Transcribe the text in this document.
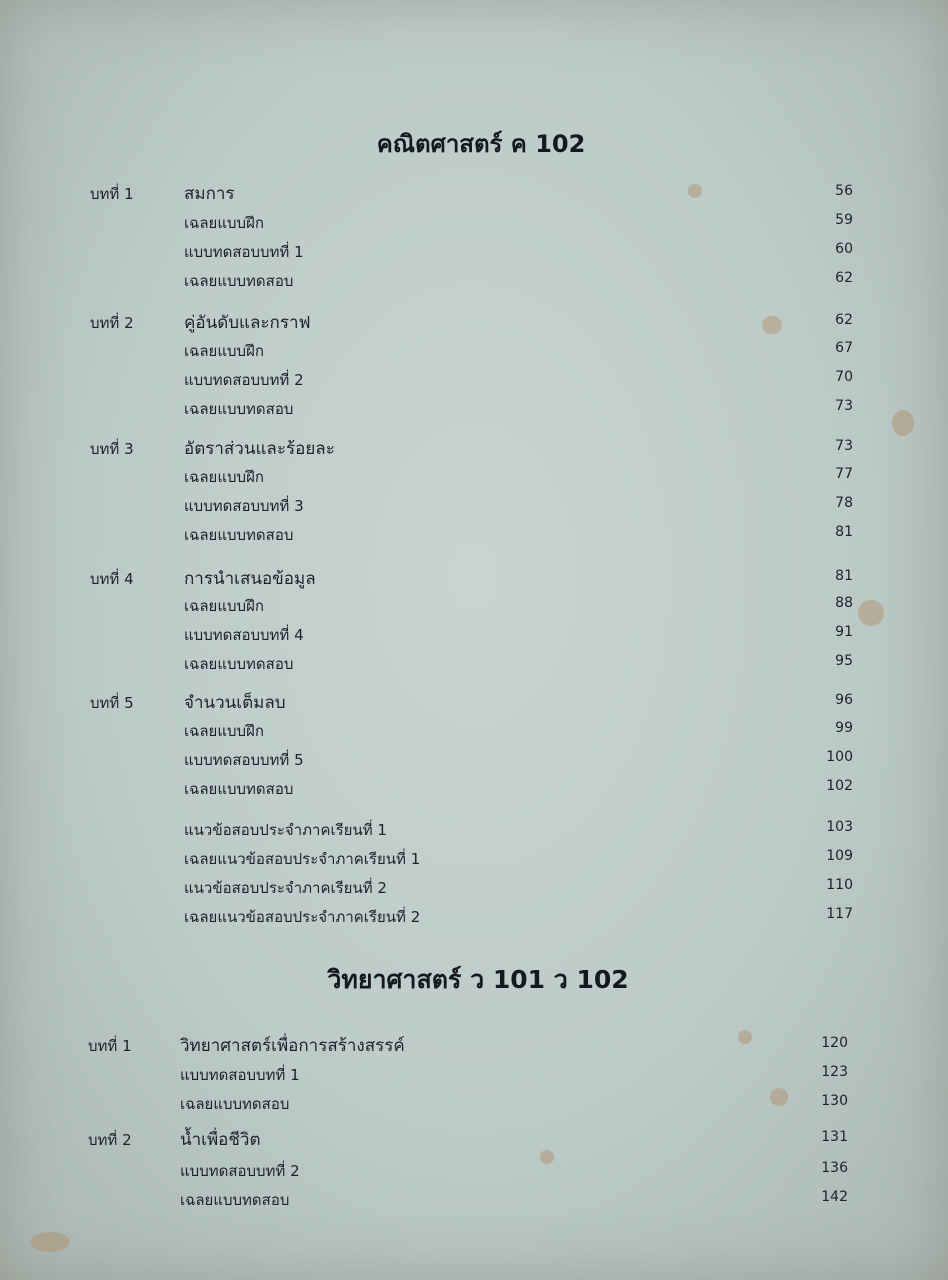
คณิตศาสตร์ ค 102
บทที่ 1	สมการ	56
เฉลยแบบฝึก	59
แบบทดสอบบทที่ 1	60
เฉลยแบบทดสอบ	62
บทที่ 2	คู่อันดับและกราฟ	62
เฉลยแบบฝึก	67
แบบทดสอบบทที่ 2	70
เฉลยแบบทดสอบ	73
บทที่ 3	อัตราส่วนและร้อยละ	73
เฉลยแบบฝึก	77
แบบทดสอบบทที่ 3	78
เฉลยแบบทดสอบ	81
บทที่ 4	การนำเสนอข้อมูล	81
เฉลยแบบฝึก	88
แบบทดสอบบทที่ 4	91
เฉลยแบบทดสอบ	95
บทที่ 5	จำนวนเต็มลบ	96
เฉลยแบบฝึก	99
แบบทดสอบบทที่ 5	100
เฉลยแบบทดสอบ	102
แนวข้อสอบประจำภาคเรียนที่ 1	103
เฉลยแนวข้อสอบประจำภาคเรียนที่ 1	109
แนวข้อสอบประจำภาคเรียนที่ 2	110
เฉลยแนวข้อสอบประจำภาคเรียนที่ 2	117
วิทยาศาสตร์ ว 101 ว 102
บทที่ 1	วิทยาศาสตร์เพื่อการสร้างสรรค์	120
แบบทดสอบบทที่ 1	123
เฉลยแบบทดสอบ	130
บทที่ 2	น้ำเพื่อชีวิต	131
แบบทดสอบบทที่ 2	136
เฉลยแบบทดสอบ	142
